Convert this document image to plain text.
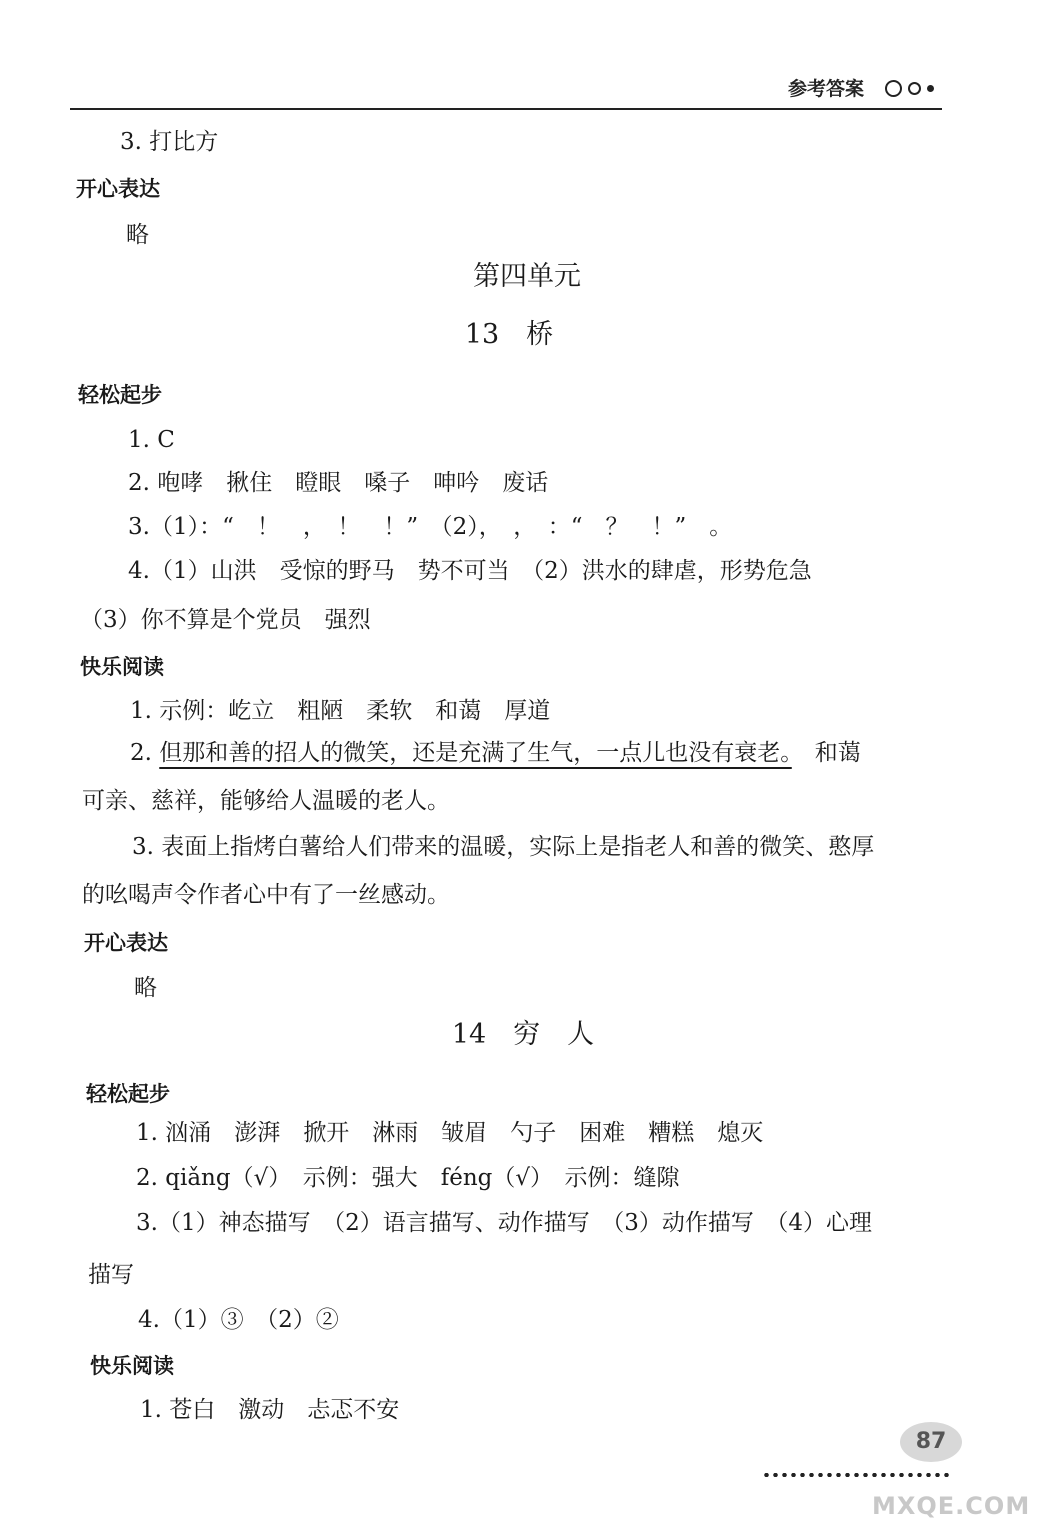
参考答案
3. 打比方
开心表达
略
第四单元
13　桥
轻松起步
1. C
2. 咆哮　揪住　瞪眼　嗓子　呻吟　废话
3.（1）：“　！　，　！　！”　（2），　，　：“　？　！”　。
4.（1）山洪　受惊的野马　势不可当　（2）洪水的肆虐，形势危急
（3）你不算是个党员　强烈
快乐阅读
1. 示例：屹立　粗陋　柔软　和蔼　厚道
2. 但那和善的招人的微笑，还是充满了生气，一点儿也没有衰老。　和蔼
可亲、慈祥，能够给人温暖的老人。
3. 表面上指烤白薯给人们带来的温暖，实际上是指老人和善的微笑、憨厚
的吆喝声令作者心中有了一丝感动。
开心表达
略
14　穷　人
轻松起步
1. 汹涌　澎湃　掀开　淋雨　皱眉　勺子　困难　糟糕　熄灭
2. qiǎng（√）　示例：强大　féng（√）　示例：缝隙
3.（1）神态描写　（2）语言描写、动作描写　（3）动作描写　（4）心理
描写
4.（1）③　（2）②
快乐阅读
1. 苍白　激动　忐忑不安
87
MXQE.COM
